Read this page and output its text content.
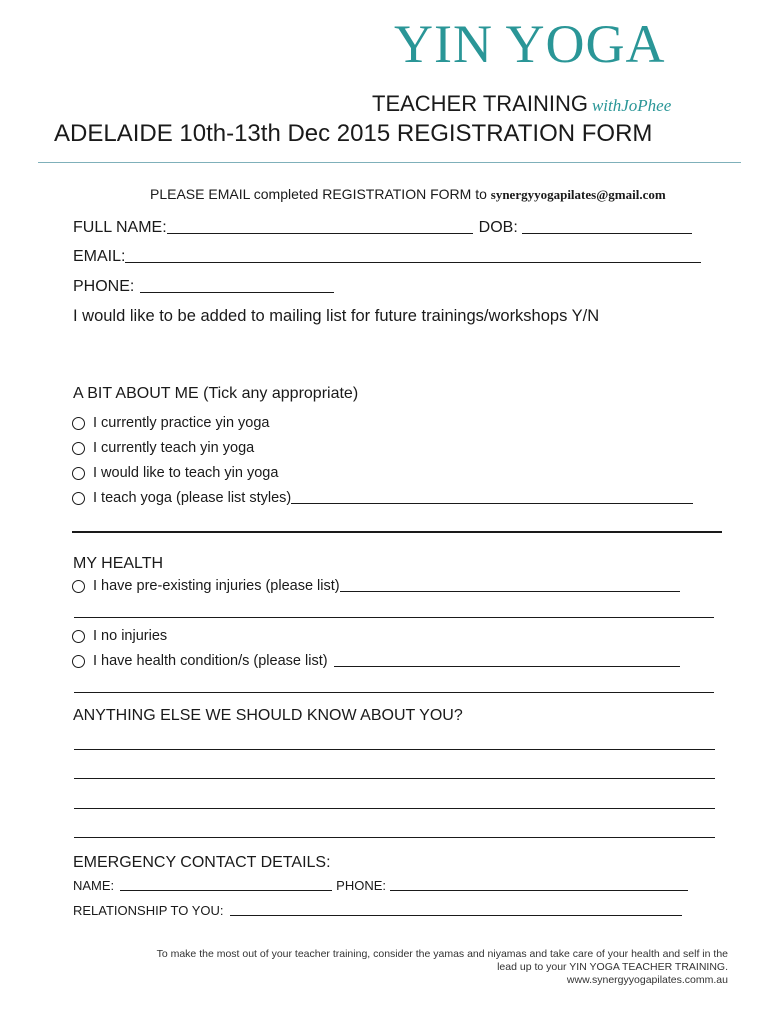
YIN YOGA
TEACHER TRAINING withJoPhee
ADELAIDE 10th-13th Dec 2015 REGISTRATION FORM
PLEASE EMAIL completed REGISTRATION FORM to synergyyogapilates@gmail.com
FULL NAME:	DOB:
EMAIL:
PHONE:
I would like to be added to mailing list for future trainings/workshops Y/N
A BIT ABOUT ME (Tick any appropriate)
I currently practice yin yoga
I currently teach yin yoga
I would like to teach yin yoga
I teach yoga (please list styles)
MY HEALTH
I have pre-existing injuries (please list)
I no injuries
I have health condition/s (please list)
ANYTHING ELSE WE SHOULD KNOW ABOUT YOU?
EMERGENCY CONTACT DETAILS:
NAME:	PHONE:
RELATIONSHIP TO YOU:
To make the most out of your teacher training, consider the yamas and niyamas and take care of your health and self in the
lead up to your YIN YOGA TEACHER TRAINING.
www.synergyyogapilates.comm.au
